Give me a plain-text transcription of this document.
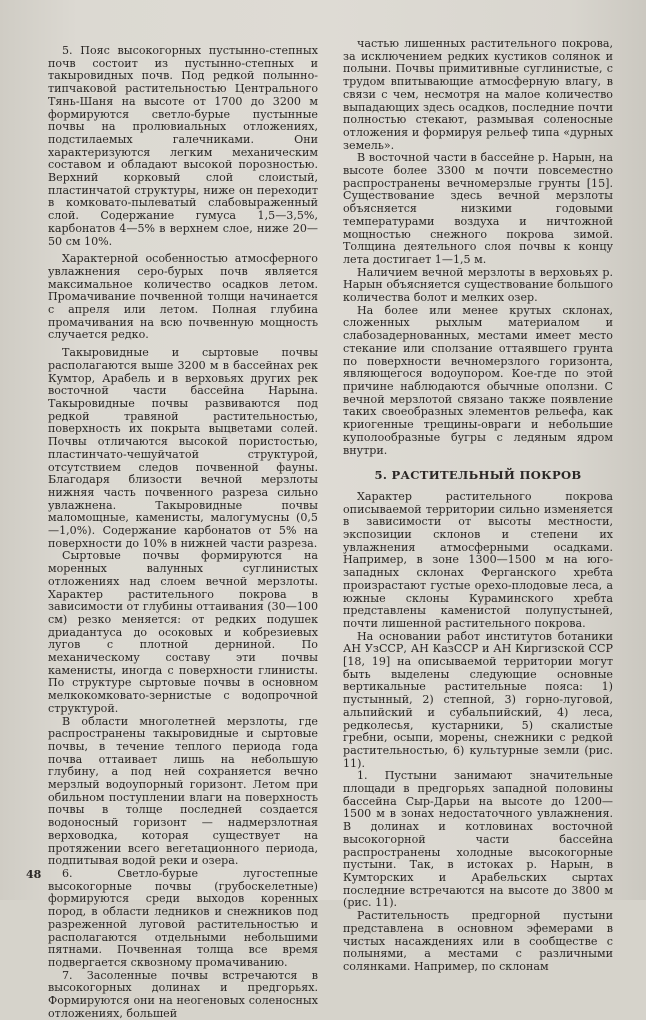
5. Пояс высокогорных пустынно-степных почв состоит из пустынно-степных и такыровидных почв. Под редкой полынно-типчаковой растительностью Центрального Тянь-Шаня на высоте от 1700 до 3200 м формируются светло-бурые пустынные почвы на пролювиальных отложениях, подстилаемых галечниками. Они характеризуются легким механическим составом и обладают высокой порозностью. Верхний корковый слой слоистый, пластинчатой структуры, ниже он переходит в комковато-пылеватый слабовыраженный слой. Содержание гумуса 1,5—3,5%, карбонатов 4—5% в верхнем слое, ниже 20—50 см 10%.

Характерной особенностью атмосферного увлажнения серо-бурых почв является максимальное количество осадков летом. Промачивание почвенной толщи начинается с апреля или летом. Полная глубина промачивания на всю почвенную мощность случается редко.

Такыровидные и сыртовые почвы располагаются выше 3200 м в бассейнах рек Кумтор, Арабель и в верховьях других рек восточной части бассейна Нарына. Такыровидные почвы развиваются под редкой травяной растительностью, поверхность их покрыта выцветами солей. Почвы отличаются высокой пористостью, пластинчато-чешуйчатой структурой, отсутствием следов почвенной фауны. Благодаря близости вечной мерзлоты нижняя часть почвенного разреза сильно увлажнена. Такыровидные почвы маломощные, каменисты, малогумусны (0,5—1,0%). Содержание карбонатов от 5% на поверхности до 10% в нижней части разреза.

Сыртовые почвы формируются на моренных валунных суглинистых отложениях над слоем вечной мерзлоты. Характер растительного покрова в зависимости от глубины оттаивания (30—100 см) резко меняется: от редких подушек дриадантуса до осоковых и кобрезиевых лугов с плотной дерниной. По механическому составу эти почвы каменисты, иногда с поверхности глинисты. По структуре сыртовые почвы в основном мелкокомковато-зернистые с водопрочной структурой.

В области многолетней мерзлоты, где распространены такыровидные и сыртовые почвы, в течение теплого периода года почва оттаивает лишь на небольшую глубину, а под ней сохраняется вечно мерзлый водоупорный горизонт. Летом при обильном поступлении влаги на поверхность почвы в толще последней создается водоносный горизонт — надмерзлотная верховодка, которая существует на протяжении всего вегетационного периода, подпитывая водой реки и озера.

6. Светло-бурые лугостепные высокогорные почвы (грубоскелетные) формируются среди выходов коренных пород, в области ледников и снежников под разреженной луговой растительностью и располагаются отдельными небольшими пятнами. Почвенная толща все время подвергается сквозному промачиванию.

7. Засоленные почвы встречаются в высокогорных долинах и предгорьях. Формируются они на неогеновых соленосных отложениях, большей

частью лишенных растительного покрова, за исключением редких кустиков солянок и полыни. Почвы примитивные суглинистые, с трудом впитывающие атмосферную влагу, в связи с чем, несмотря на малое количество выпадающих здесь осадков, последние почти полностью стекают, размывая соленосные отложения и формируя рельеф типа «дурных земель».

В восточной части в бассейне р. Нарын, на высоте более 3300 м почти повсеместно распространены вечномерзлые грунты [15]. Существование здесь вечной мерзлоты объясняется низкими годовыми температурами воздуха и ничтожной мощностью снежного покрова зимой. Толщина деятельного слоя почвы к концу лета достигает 1—1,5 м.

Наличием вечной мерзлоты в верховьях р. Нарын объясняется существование большого количества болот и мелких озер.

На более или менее крутых склонах, сложенных рыхлым материалом и слабозадернованных, местами имеет место стекание или сползание оттаявшего грунта по поверхности вечномерзлого горизонта, являющегося водоупором. Кое-где по этой причине наблюдаются обычные оползни. С вечной мерзлотой связано также появление таких своеобразных элементов рельефа, как криогенные трещины-овраги и небольшие куполообразные бугры с ледяным ядром внутри.

5. РАСТИТЕЛЬНЫЙ ПОКРОВ

Характер растительного покрова описываемой территории сильно изменяется в зависимости от высоты местности, экспозиции склонов и степени их увлажнения атмосферными осадками. Например, в зоне 1300—1500 м на юго-западных склонах Ферганского хребта произрастают густые орехо-плодовые леса, а южные склоны Кураминского хребта представлены каменистой полупустыней, почти лишенной растительного покрова.

На основании работ институтов ботаники АН УзССР, АН КазССР и АН Киргизской ССР [18, 19] на описываемой территории могут быть выделены следующие основные вертикальные растительные пояса: 1) пустынный, 2) степной, 3) горно-луговой, альпийский и субальпийский, 4) леса, редколесья, кустарники, 5) скалистые гребни, осыпи, морены, снежники с редкой растительностью, 6) культурные земли (рис. 11).

1. Пустыни занимают значительные площади в предгорьях западной половины бассейна Сыр-Дарьи на высоте до 1200—1500 м в зонах недостаточного увлажнения. В долинах и котловинах восточной высокогорной части бассейна распространены холодные высокогорные пустыни. Так, в истоках р. Нарын, в Кумторских и Арабельских сыртах последние встречаются на высоте до 3800 м (рис. 11).

Растительность предгорной пустыни представлена в основном эфемерами в чистых насаждениях или в сообществе с полынями, а местами с различными солянками. Например, по склонам

48
